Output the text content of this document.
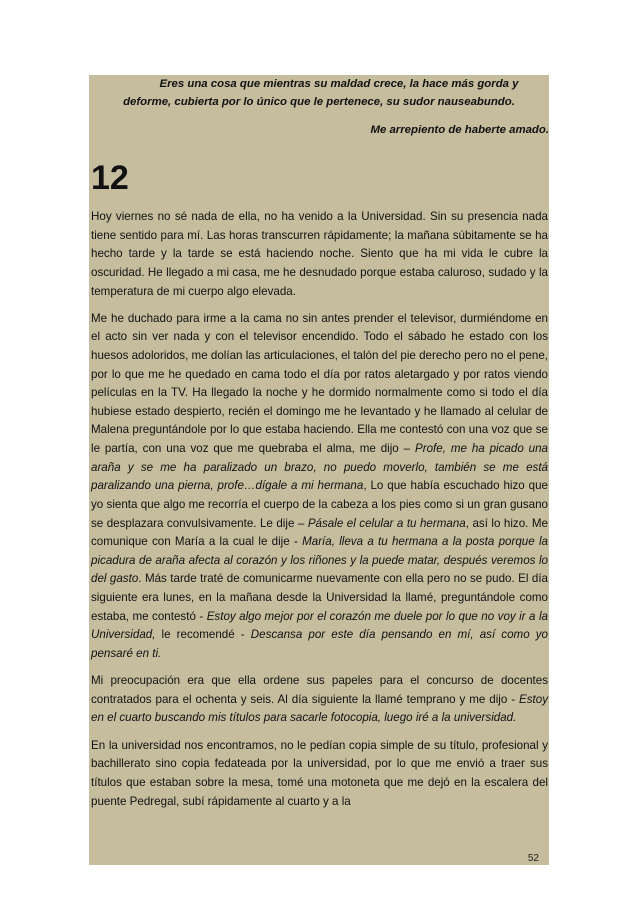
Eres una cosa que mientras su maldad crece, la hace más gorda y

deforme, cubierta por lo único que le pertenece, su sudor nauseabundo.

Me arrepiento de haberte amado.

12

Hoy viernes no sé nada de ella, no ha venido a la Universidad. Sin su presencia nada tiene sentido para mí. Las horas transcurren rápidamente; la mañana súbitamente se ha hecho tarde y la tarde se está haciendo noche. Siento que ha mi vida le cubre la oscuridad. He llegado a mi casa, me he desnudado porque estaba caluroso, sudado y la temperatura de mi cuerpo algo elevada.

Me he duchado para irme a la cama no sin antes prender el televisor, durmiéndome en el acto sin ver nada y con el televisor encendido. Todo el sábado he estado con los huesos adoloridos, me dolían las articulaciones, el talón del pie derecho pero no el pene, por lo que me he quedado en cama todo el día por ratos aletargado y por ratos viendo películas en la TV. Ha llegado la noche y he dormido normalmente como si todo el día hubiese estado despierto, recién el domingo me he levantado y he llamado al celular de Malena preguntándole por lo que estaba haciendo. Ella me contestó con una voz que se le partía, con una voz que me quebraba el alma, me dijo – Profe, me ha picado una araña y se me ha paralizado un brazo, no puedo moverlo, también se me está paralizando una pierna, profe…dígale a mi hermana, Lo que había escuchado hizo que yo sienta que algo me recorría el cuerpo de la cabeza a los pies como si un gran gusano se desplazara convulsivamente. Le dije – Pásale el celular a tu hermana, así lo hizo. Me comunique con María a la cual le dije - María, lleva a tu hermana a la posta porque la picadura de araña afecta al corazón y los riñones y la puede matar, después veremos lo del gasto. Más tarde traté de comunicarme nuevamente con ella pero no se pudo. El día siguiente era lunes, en la mañana desde la Universidad la llamé, preguntándole como estaba, me contestó - Estoy algo mejor por el corazón me duele por lo que no voy ir a la Universidad, le recomendé - Descansa por este día pensando en mí, así como yo pensaré en ti.

Mi preocupación era que ella ordene sus papeles para el concurso de docentes contratados para el ochenta y seis. Al día siguiente la llamé temprano y me dijo - Estoy en el cuarto buscando mis títulos para sacarle fotocopia, luego iré a la universidad.

En la universidad nos encontramos, no le pedían copia simple de su título, profesional y bachillerato sino copia fedateada por la universidad, por lo que me envió a traer sus títulos que estaban sobre la mesa, tomé una motoneta que me dejó en la escalera del puente Pedregal, subí rápidamente al cuarto y a la

52
